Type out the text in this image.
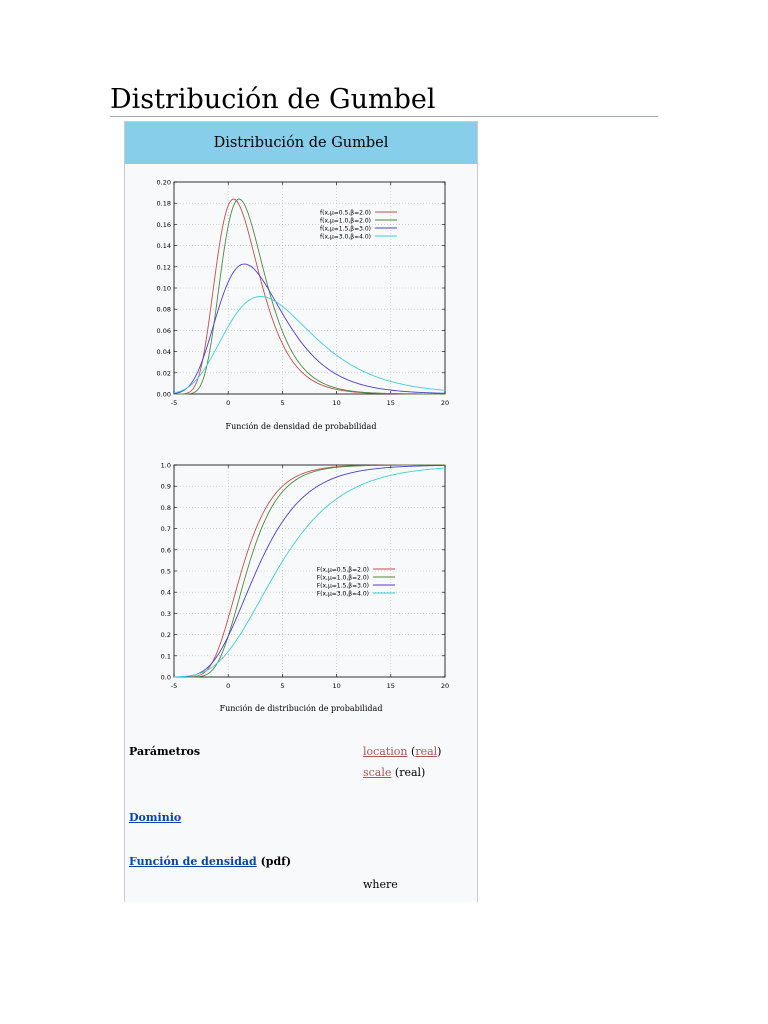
Distribución de Gumbel
Distribución de Gumbel
0.00
0.02
0.04
0.06
0.08
0.10
0.12
0.14
0.16
0.18
0.20
-5	0	5	10	15	20
f(x,μ=0.5,β=2.0)
f(x,μ=1.0,β=2.0)
f(x,μ=1.5,β=3.0)
f(x,μ=3.0,β=4.0)
Función de densidad de probabilidad
0.0
0.1
0.2
0.3
0.4
0.5
0.6
0.7
0.8
0.9
1.0
-5	0	5	10	15	20
F(x,μ=0.5,β=2.0)
F(x,μ=1.0,β=2.0)
F(x,μ=1.5,β=3.0)
F(x,μ=3.0,β=4.0)
Función de distribución de probabilidad
Parámetros	location (real)
scale (real)
Dominio
Función de densidad (pdf)
where
